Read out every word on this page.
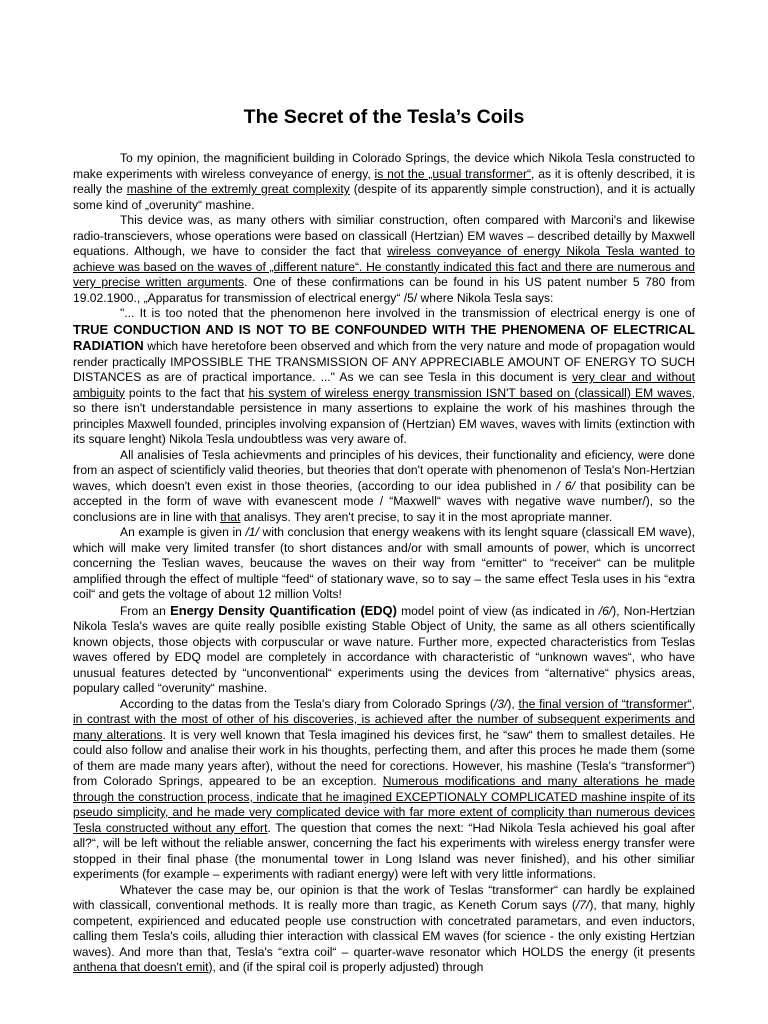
The Secret of the Tesla’s Coils

To my opinion, the magnificient building in Colorado Springs, the device which Nikola Tesla constructed to make experiments with wireless conveyance of energy, is not the „usual transformer“, as it is oftenly described, it is really the mashine of the extremly great complexity (despite of its apparently simple construction), and it is actually some kind of „overunity“ mashine.

This device was, as many others with similiar construction, often compared with Marconi's and likewise radio-transcievers, whose operations were based on classicall (Hertzian) EM waves – described detailly by Maxwell equations. Although, we have to consider the fact that wireless conveyance of energy Nikola Tesla wanted to achieve was based on the waves of „different nature“. He constantly indicated this fact and there are numerous and very precise written arguments. One of these confirmations can be found in his US patent number 5 780 from 19.02.1900., „Apparatus for transmission of electrical energy“ /5/ where Nikola Tesla says:

"... It is too noted that the phenomenon here involved in the transmission of electrical energy is one of TRUE CONDUCTION AND IS NOT TO BE CONFOUNDED WITH THE PHENOMENA OF ELECTRICAL RADIATION which have heretofore been observed and which from the very nature and mode of propagation would render practically IMPOSSIBLE THE TRANSMISSION OF ANY APPRECIABLE AMOUNT OF ENERGY TO SUCH DISTANCES as are of practical importance. ..." As we can see Tesla in this document is very clear and without ambiguity points to the fact that his system of wireless energy transmission ISN'T based on (classicall) EM waves, so there isn't understandable persistence in many assertions to explaine the work of his mashines through the principles Maxwell founded, principles involving expansion of (Hertzian) EM waves, waves with limits (extinction with its square lenght) Nikola Tesla undoubtless was very aware of.

All analisies of Tesla achievments and principles of his devices, their functionality and eficiency, were done from an aspect of scientificly valid theories, but theories that don't operate with phenomenon of Tesla's Non-Hertzian waves, which doesn't even exist in those theories, (according to our idea published in / 6/ that posibility can be accepted in the form of wave with evanescent mode / “Maxwell“ waves with negative wave number/), so the conclusions are in line with that analisys. They aren't precise, to say it in the most apropriate manner.

An example is given in /1/ with conclusion that energy weakens with its lenght square (classicall EM wave), which will make very limited transfer (to short distances and/or with small amounts of power, which is uncorrect concerning the Teslian waves, beucause the waves on their way from “emitter“ to “receiver“ can be mulitple amplified through the effect of multiple “feed“ of stationary wave, so to say – the same effect Tesla uses in his “extra coil“ and gets the voltage of about 12 million Volts!

From an Energy Density Quantification (EDQ) model point of view (as indicated in /6/), Non-Hertzian Nikola Tesla's waves are quite really posiblle existing Stable Object of Unity, the same as all others scientifically known objects, those objects with corpuscular or wave nature. Further more, expected characteristics from Teslas waves offered by EDQ model are completely in accordance with characteristic of “unknown waves“, who have unusual features detected by “unconventional“ experiments using the devices from “alternative“ physics areas, populary called “overunity“ mashine.

According to the datas from the Tesla's diary from Colorado Springs (/3/), the final version of “transformer“, in contrast with the most of other of his discoveries, is achieved after the number of subsequent experiments and many alterations. It is very well known that Tesla imagined his devices first, he “saw“ them to smallest detailes. He could also follow and analise their work in his thoughts, perfecting them, and after this proces he made them (some of them are made many years after), without the need for corections. However, his mashine (Tesla's “transformer“) from Colorado Springs, appeared to be an exception. Numerous modifications and many alterations he made through the construction process, indicate that he imagined EXCEPTIONALY COMPLICATED mashine inspite of its pseudo simplicity, and he made very complicated device with far more extent of complicity than numerous devices Tesla constructed without any effort. The question that comes the next: “Had Nikola Tesla achieved his goal after all?“, will be left without the reliable answer, concerning the fact his experiments with wireless energy transfer were stopped in their final phase (the monumental tower in Long Island was never finished), and his other similiar experiments (for example – experiments with radiant energy) were left with very little informations.

Whatever the case may be, our opinion is that the work of Teslas “transformer“ can hardly be explained with classicall, conventional methods. It is really more than tragic, as Keneth Corum says (/7/), that many, highly competent, expirienced and educated people use construction with concetrated parametars, and even inductors, calling them Tesla's coils, alluding thier interaction with classical EM waves (for science - the only existing Hertzian waves). And more than that, Tesla's “extra coil“ – quarter-wave resonator which HOLDS the energy (it presents anthena that doesn't emit), and (if the spiral coil is properly adjusted) through
